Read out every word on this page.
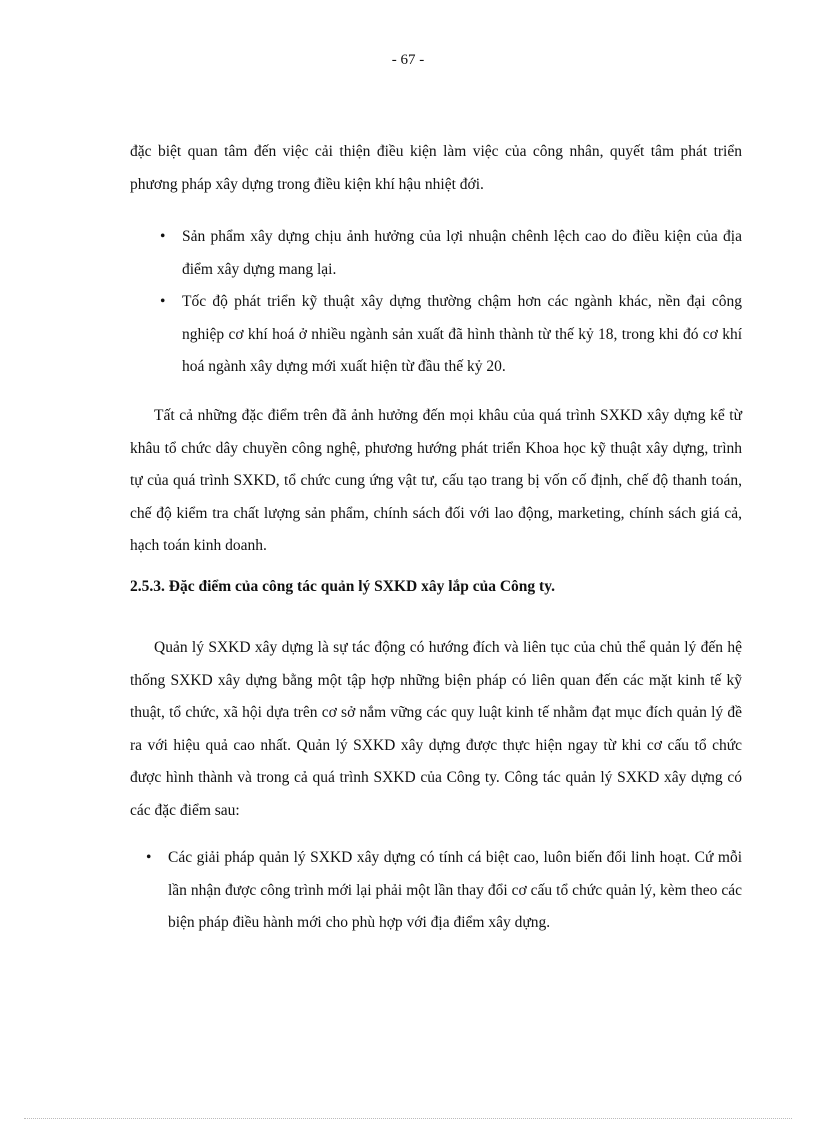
- 67 -

đặc biệt quan tâm đến việc cải thiện điều kiện làm việc của công nhân, quyết tâm phát triển phương pháp xây dựng trong điều kiện khí hậu nhiệt đới.

• Sản phẩm xây dựng chịu ảnh hưởng của lợi nhuận chênh lệch cao do điều kiện của địa điểm xây dựng mang lại.
• Tốc độ phát triển kỹ thuật xây dựng thường chậm hơn các ngành khác, nền đại công nghiệp cơ khí hoá ở nhiều ngành sản xuất đã hình thành từ thế kỷ 18, trong khi đó cơ khí hoá ngành xây dựng mới xuất hiện từ đầu thế kỷ 20.

Tất cả những đặc điểm trên đã ảnh hưởng đến mọi khâu của quá trình SXKD xây dựng kể từ khâu tổ chức dây chuyền công nghệ, phương hướng phát triển Khoa học kỹ thuật xây dựng, trình tự của quá trình SXKD, tổ chức cung ứng vật tư, cấu tạo trang bị vốn cố định, chế độ thanh toán, chế độ kiểm tra chất lượng sản phẩm, chính sách đối với lao động, marketing, chính sách giá cả, hạch toán kinh doanh.

2.5.3. Đặc điểm của công tác quản lý SXKD xây lắp của Công ty.

Quản lý SXKD xây dựng là sự tác động có hướng đích và liên tục của chủ thể quản lý đến hệ thống SXKD xây dựng bằng một tập hợp những biện pháp có liên quan đến các mặt kinh tế kỹ thuật, tổ chức, xã hội dựa trên cơ sở nắm vững các quy luật kinh tế nhằm đạt mục đích quản lý đề ra với hiệu quả cao nhất. Quản lý SXKD xây dựng được thực hiện ngay từ khi cơ cấu tổ chức được hình thành và trong cả quá trình SXKD của Công ty. Công tác quản lý SXKD xây dựng có các đặc điểm sau:

• Các giải pháp quản lý SXKD xây dựng có tính cá biệt cao, luôn biến đổi linh hoạt. Cứ mỗi lần nhận được công trình mới lại phải một lần thay đổi cơ cấu tổ chức quản lý, kèm theo các biện pháp điều hành mới cho phù hợp với địa điểm xây dựng.
